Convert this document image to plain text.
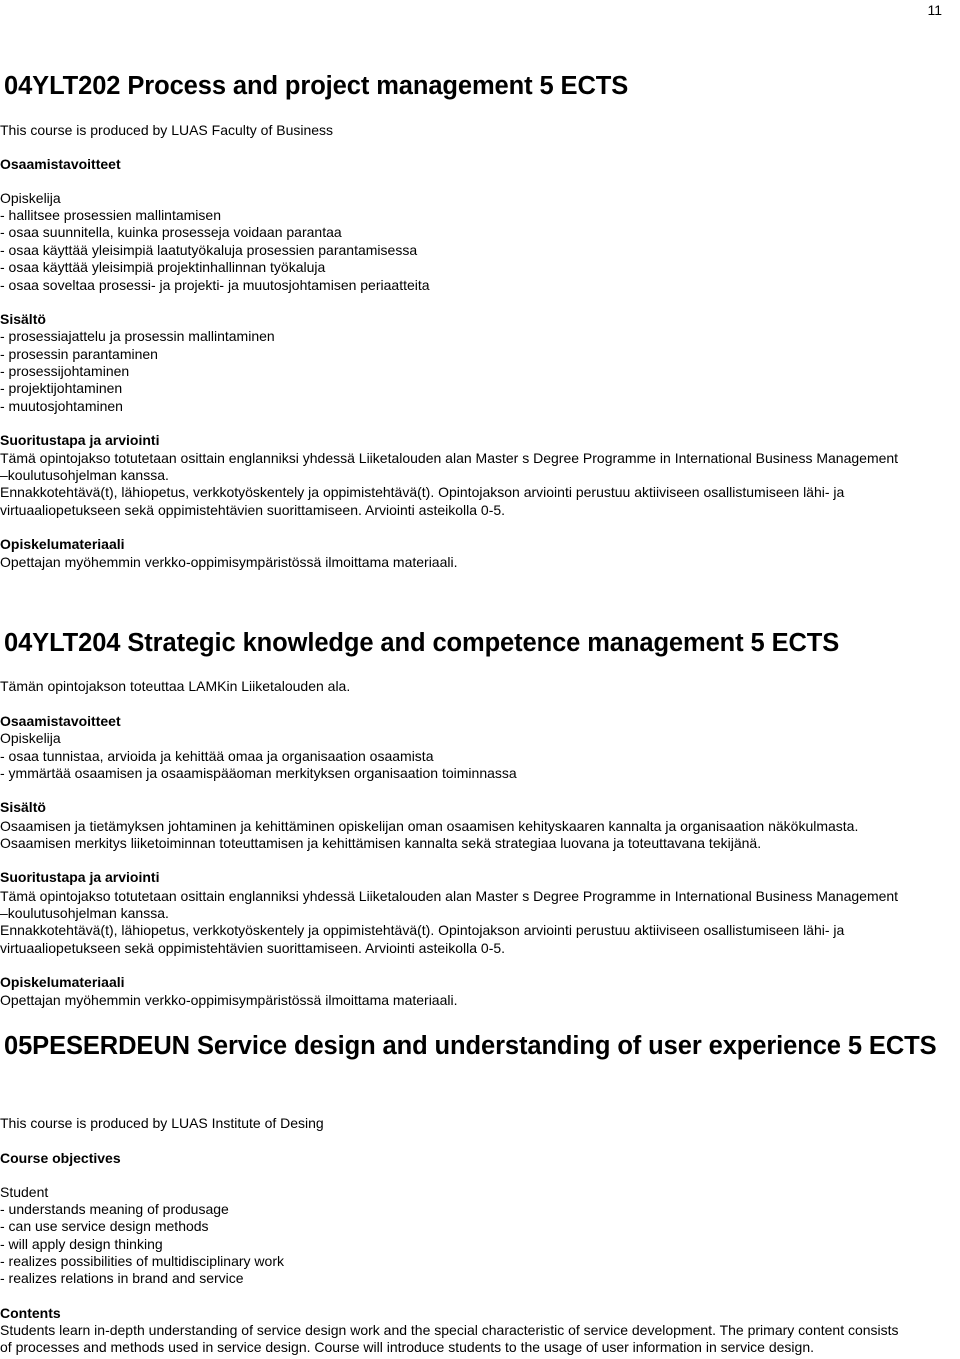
11
04YLT202 Process and project management 5 ECTS
This course is produced by LUAS Faculty of Business
Osaamistavoitteet
Opiskelija
- hallitsee prosessien mallintamisen
- osaa suunnitella, kuinka prosesseja voidaan parantaa
- osaa käyttää yleisimpiä laatutyökaluja prosessien parantamisessa
- osaa käyttää yleisimpiä projektinhallinnan työkaluja
- osaa soveltaa prosessi- ja projekti- ja muutosjohtamisen periaatteita
Sisältö
- prosessiajattelu ja prosessin mallintaminen
- prosessin parantaminen
- prosessijohtaminen
- projektijohtaminen
- muutosjohtaminen
Suoritustapa ja arviointi
Tämä opintojakso totutetaan osittain englanniksi yhdessä Liiketalouden alan Master s Degree Programme in International Business Management
–koulutusohjelman kanssa.
Ennakkotehtävä(t), lähiopetus, verkkotyöskentely ja oppimistehtävä(t). Opintojakson arviointi perustuu aktiiviseen osallistumiseen lähi- ja
virtuaaliopetukseen sekä oppimistehtävien suorittamiseen. Arviointi asteikolla 0-5.
Opiskelumateriaali
Opettajan myöhemmin verkko-oppimisympäristössä ilmoittama materiaali.
04YLT204 Strategic knowledge and competence management 5 ECTS
Tämän opintojakson toteuttaa LAMKin Liiketalouden ala.
Osaamistavoitteet
Opiskelija
- osaa tunnistaa, arvioida ja kehittää omaa ja organisaation osaamista
- ymmärtää osaamisen ja osaamispääoman merkityksen organisaation toiminnassa
Sisältö
Osaamisen ja tietämyksen johtaminen ja kehittäminen opiskelijan oman osaamisen kehityskaaren kannalta ja organisaation näkökulmasta.
Osaamisen merkitys liiketoiminnan toteuttamisen ja kehittämisen kannalta sekä strategiaa luovana ja toteuttavana tekijänä.
Suoritustapa ja arviointi
Tämä opintojakso totutetaan osittain englanniksi yhdessä Liiketalouden alan Master s Degree Programme in International Business Management
–koulutusohjelman kanssa.
Ennakkotehtävä(t), lähiopetus, verkkotyöskentely ja oppimistehtävä(t). Opintojakson arviointi perustuu aktiiviseen osallistumiseen lähi- ja
virtuaaliopetukseen sekä oppimistehtävien suorittamiseen. Arviointi asteikolla 0-5.
Opiskelumateriaali
Opettajan myöhemmin verkko-oppimisympäristössä ilmoittama materiaali.
05PESERDEUN Service design and understanding of user experience 5 ECTS
This course is produced by LUAS Institute of Desing
Course objectives
Student
- understands meaning of produsage
- can use service design methods
- will apply design thinking
- realizes possibilities of multidisciplinary work
- realizes relations in brand and service
Contents
Students learn in-depth understanding of service design work and the special characteristic of service development. The primary content consists
of processes and methods used in service design. Course will introduce students to the usage of user information in service design.
